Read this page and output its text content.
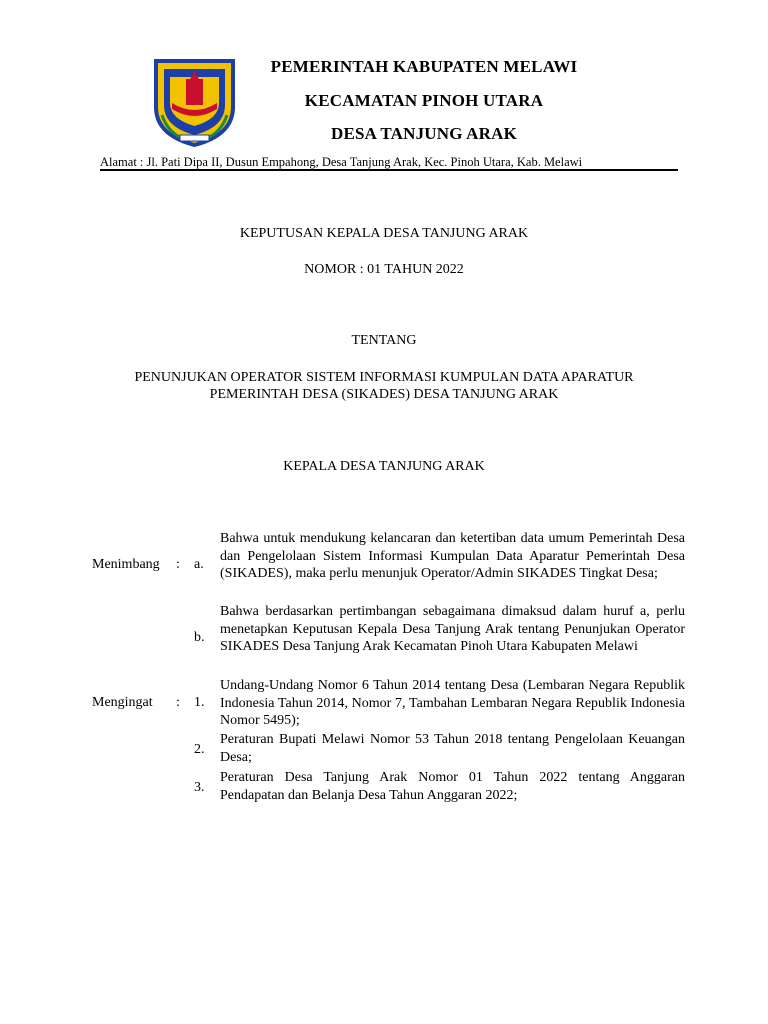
PEMERINTAH KABUPATEN MELAWI
KECAMATAN PINOH UTARA
DESA TANJUNG ARAK
Alamat : Jl. Pati Dipa II, Dusun Empahong, Desa Tanjung Arak, Kec. Pinoh Utara, Kab. Melawi
KEPUTUSAN KEPALA DESA TANJUNG ARAK
NOMOR : 01 TAHUN 2022
TENTANG
PENUNJUKAN OPERATOR SISTEM INFORMASI KUMPULAN DATA APARATUR
PEMERINTAH DESA (SIKADES) DESA TANJUNG ARAK
KEPALA DESA TANJUNG ARAK
Menimbang : a.
Bahwa untuk mendukung kelancaran dan ketertiban data umum Pemerintah Desa dan Pengelolaan Sistem Informasi Kumpulan Data Aparatur Pemerintah Desa (SIKADES), maka perlu menunjuk Operator/Admin SIKADES Tingkat Desa;
b.
Bahwa berdasarkan pertimbangan sebagaimana dimaksud dalam huruf a, perlu menetapkan Keputusan Kepala Desa Tanjung Arak tentang Penunjukan Operator SIKADES Desa Tanjung Arak Kecamatan Pinoh Utara Kabupaten Melawi
Mengingat : 1.
Undang-Undang Nomor 6 Tahun 2014 tentang Desa (Lembaran Negara Republik Indonesia Tahun 2014, Nomor 7, Tambahan Lembaran Negara Republik Indonesia Nomor 5495);
2.
Peraturan Bupati Melawi Nomor 53 Tahun 2018 tentang Pengelolaan Keuangan Desa;
3.
Peraturan Desa Tanjung Arak Nomor 01 Tahun 2022 tentang Anggaran Pendapatan dan Belanja Desa Tahun Anggaran 2022;
